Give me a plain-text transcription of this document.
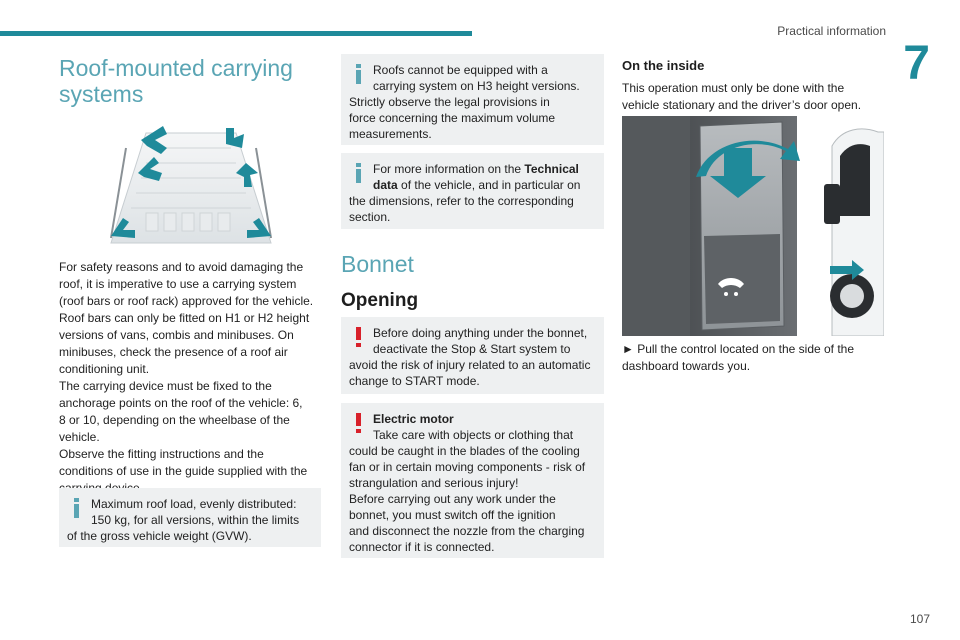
Practical information
7
Roof-mounted carrying systems
For safety reasons and to avoid damaging the
roof, it is imperative to use a carrying system
(roof bars or roof rack) approved for the vehicle.
Roof bars can only be fitted on H1 or H2 height
versions of vans, combis and minibuses. On
minibuses, check the presence of a roof air
conditioning unit.
The carrying device must be fixed to the
anchorage points on the roof of the vehicle: 6,
8 or 10, depending on the wheelbase of the
vehicle.
Observe the fitting instructions and the
conditions of use in the guide supplied with the
Maximum roof load, evenly distributed:
150 kg, for all versions, within the limits
of the gross vehicle weight (GVW).
Roofs cannot be equipped with a
carrying system on H3 height versions.
Strictly observe the legal provisions in
force concerning the maximum volume
measurements.
For more information on the Technical
data of the vehicle, and in particular on
the dimensions, refer to the corresponding
section.
Bonnet
Opening
Before doing anything under the bonnet,
deactivate the Stop & Start system to
avoid the risk of injury related to an automatic
change to START mode.
Electric motor
Take care with objects or clothing that
could be caught in the blades of the cooling
fan or in certain moving components - risk of
strangulation and serious injury!
Before carrying out any work under the
bonnet, you must switch off the ignition
and disconnect the nozzle from the charging
connector if it is connected.
On the inside
This operation must only be done with the
vehicle stationary and the driver’s door open.
► Pull the control located on the side of the
dashboard towards you.
107
